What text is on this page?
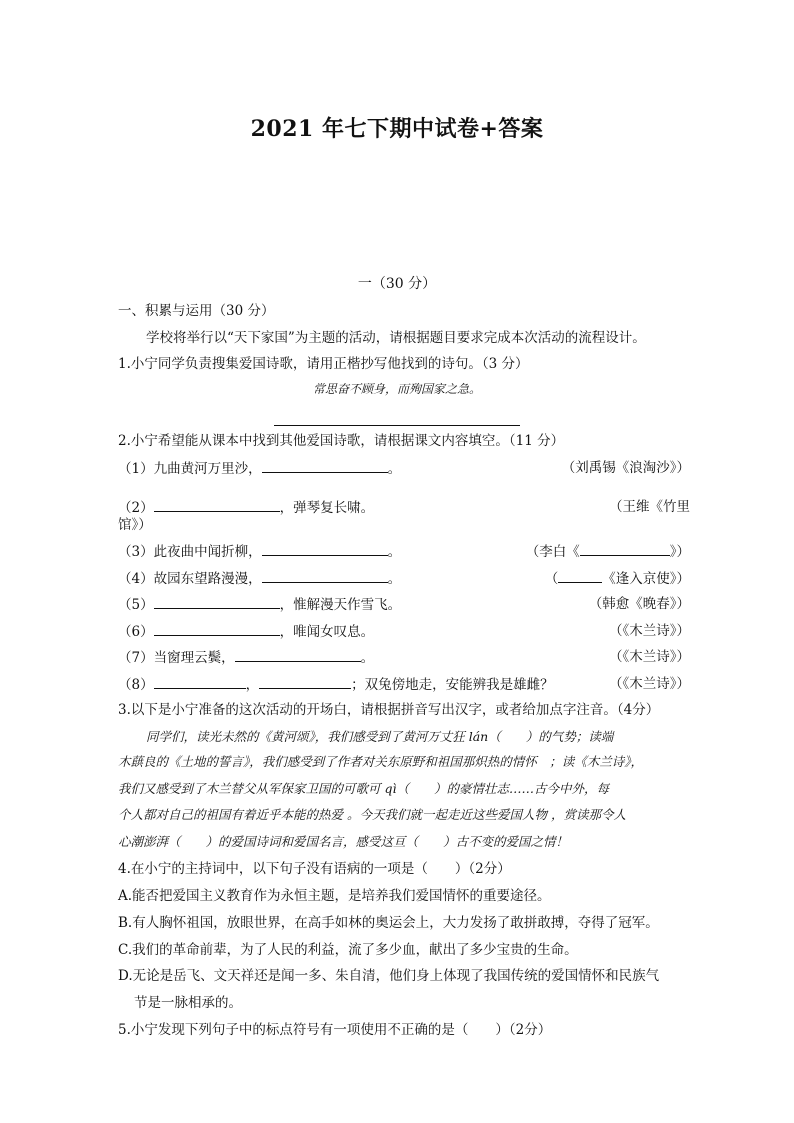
2021 年七下期中试卷+答案
一（30 分）
一、积累与运用（30 分）
学校将举行以“天下家国”为主题的活动，请根据题目要求完成本次活动的流程设计。
1.小宁同学负责搜集爱国诗歌，请用正楷抄写他找到的诗句。（3 分）
常思奋不顾身，而殉国家之急。
2.小宁希望能从课本中找到其他爱国诗歌，请根据课文内容填空。（11 分）
（1）九曲黄河万里沙，	。	（刘禹锡《浪淘沙》）
（2）	，弹琴复长啸。	（王维《竹里
馆》）
（3）此夜曲中闻折柳，	。	（李白《	》）
（4）故园东望路漫漫，	。	（	《逢入京使》）
（5）	，惟解漫天作雪飞。	（韩愈《晚春》）
（6）	，唯闻女叹息。	（《木兰诗》）
（7）当窗理云鬓，	。	（《木兰诗》）
（8）	，	；双兔傍地走，安能辨我是雄雌？	（《木兰诗》）
3.以下是小宁准备的这次活动的开场白，请根据拼音写出汉字，或者给加点字注音。（4分）
同学们，读光未然的《黄河颂》，我们感受到了黄河万丈狂 lán（　　）的气势；读端
木蕻良的《土地的誓言》，我们感受到了作者对关东原野和祖国那炽热的情怀　；读《木兰诗》，
我们又感受到了木兰替父从军保家卫国的可歌可 qì（　　）的豪情壮志……古今中外，每
个人都对自己的祖国有着近乎本能的热爱 。今天我们就一起走近这些爱国人物 ，赏读那令人
心潮澎湃（　　）的爱国诗词和爱国名言，感受这亘（　　）古不变的爱国之情！
4.在小宁的主持词中，以下句子没有语病的一项是（　　）（2分）
A.能否把爱国主义教育作为永恒主题，是培养我们爱国情怀的重要途径。
B.有人胸怀祖国，放眼世界，在高手如林的奥运会上，大力发扬了敢拼敢搏，夺得了冠军。
C.我们的革命前辈，为了人民的利益，流了多少血，献出了多少宝贵的生命。
D.无论是岳飞、文天祥还是闻一多、朱自清，他们身上体现了我国传统的爱国情怀和民族气
节是一脉相承的。
5.小宁发现下列句子中的标点符号有一项使用不正确的是（　　）（2分）
